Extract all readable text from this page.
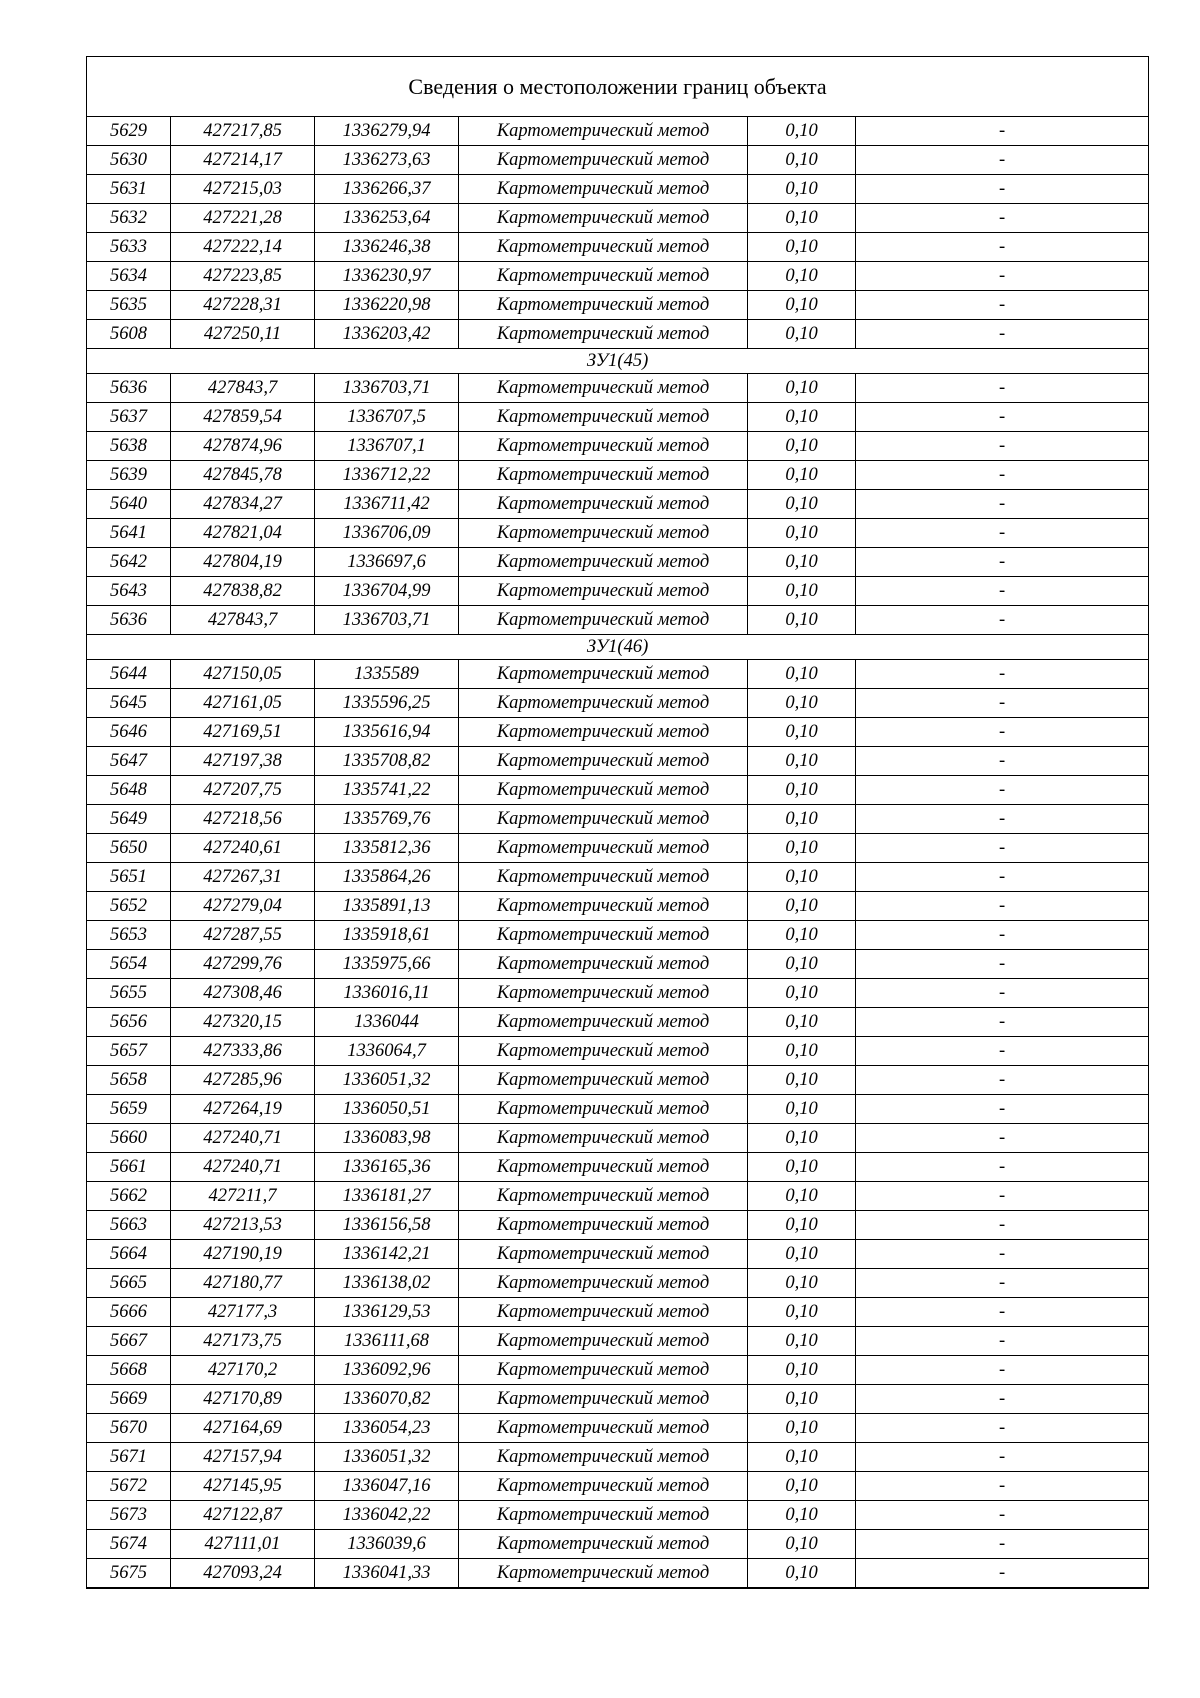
Сведения о местоположении границ объекта					
5629	427217,85	1336279,94	Картометрический метод	0,10	-
5630	427214,17	1336273,63	Картометрический метод	0,10	-
5631	427215,03	1336266,37	Картометрический метод	0,10	-
5632	427221,28	1336253,64	Картометрический метод	0,10	-
5633	427222,14	1336246,38	Картометрический метод	0,10	-
5634	427223,85	1336230,97	Картометрический метод	0,10	-
5635	427228,31	1336220,98	Картометрический метод	0,10	-
5608	427250,11	1336203,42	Картометрический метод	0,10	-
ЗУ1(45)					
5636	427843,7	1336703,71	Картометрический метод	0,10	-
5637	427859,54	1336707,5	Картометрический метод	0,10	-
5638	427874,96	1336707,1	Картометрический метод	0,10	-
5639	427845,78	1336712,22	Картометрический метод	0,10	-
5640	427834,27	1336711,42	Картометрический метод	0,10	-
5641	427821,04	1336706,09	Картометрический метод	0,10	-
5642	427804,19	1336697,6	Картометрический метод	0,10	-
5643	427838,82	1336704,99	Картометрический метод	0,10	-
5636	427843,7	1336703,71	Картометрический метод	0,10	-
ЗУ1(46)					
5644	427150,05	1335589	Картометрический метод	0,10	-
5645	427161,05	1335596,25	Картометрический метод	0,10	-
5646	427169,51	1335616,94	Картометрический метод	0,10	-
5647	427197,38	1335708,82	Картометрический метод	0,10	-
5648	427207,75	1335741,22	Картометрический метод	0,10	-
5649	427218,56	1335769,76	Картометрический метод	0,10	-
5650	427240,61	1335812,36	Картометрический метод	0,10	-
5651	427267,31	1335864,26	Картометрический метод	0,10	-
5652	427279,04	1335891,13	Картометрический метод	0,10	-
5653	427287,55	1335918,61	Картометрический метод	0,10	-
5654	427299,76	1335975,66	Картометрический метод	0,10	-
5655	427308,46	1336016,11	Картометрический метод	0,10	-
5656	427320,15	1336044	Картометрический метод	0,10	-
5657	427333,86	1336064,7	Картометрический метод	0,10	-
5658	427285,96	1336051,32	Картометрический метод	0,10	-
5659	427264,19	1336050,51	Картометрический метод	0,10	-
5660	427240,71	1336083,98	Картометрический метод	0,10	-
5661	427240,71	1336165,36	Картометрический метод	0,10	-
5662	427211,7	1336181,27	Картометрический метод	0,10	-
5663	427213,53	1336156,58	Картометрический метод	0,10	-
5664	427190,19	1336142,21	Картометрический метод	0,10	-
5665	427180,77	1336138,02	Картометрический метод	0,10	-
5666	427177,3	1336129,53	Картометрический метод	0,10	-
5667	427173,75	1336111,68	Картометрический метод	0,10	-
5668	427170,2	1336092,96	Картометрический метод	0,10	-
5669	427170,89	1336070,82	Картометрический метод	0,10	-
5670	427164,69	1336054,23	Картометрический метод	0,10	-
5671	427157,94	1336051,32	Картометрический метод	0,10	-
5672	427145,95	1336047,16	Картометрический метод	0,10	-
5673	427122,87	1336042,22	Картометрический метод	0,10	-
5674	427111,01	1336039,6	Картометрический метод	0,10	-
5675	427093,24	1336041,33	Картометрический метод	0,10	-
